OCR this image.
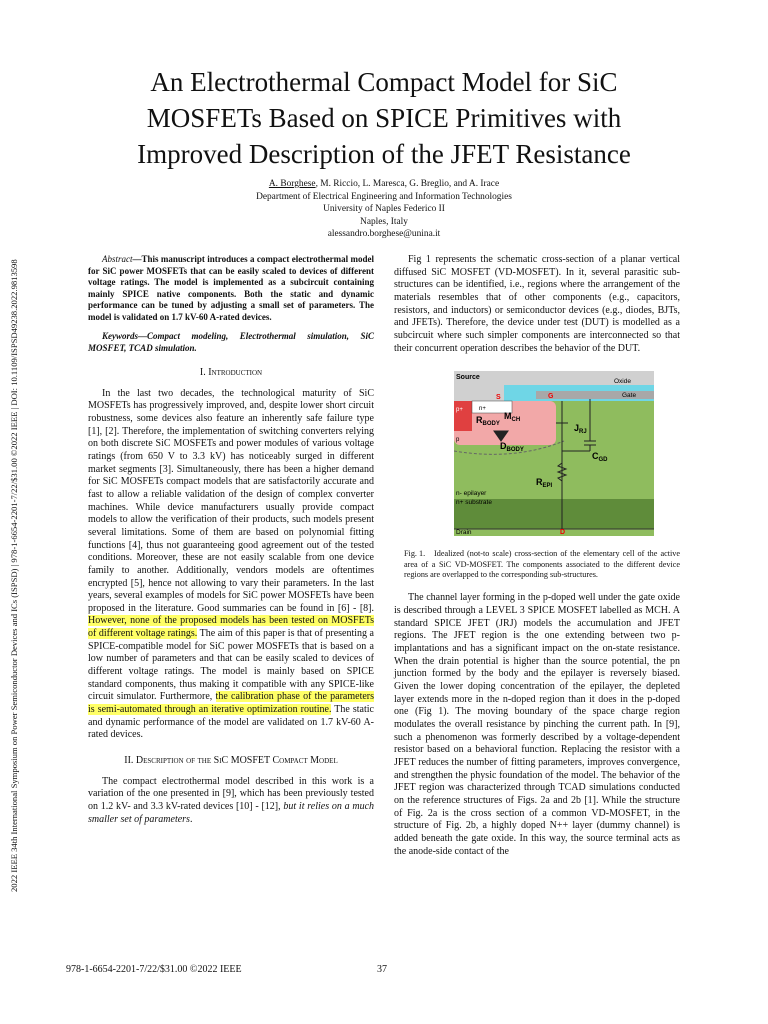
2022 IEEE 34th International Symposium on Power Semiconductor Devices and ICs (ISPSD) | 978-1-6654-2201-7/22/$31.00 ©2022 IEEE | DOI: 10.1109/ISPSD49238.2022.9813598
An Electrothermal Compact Model for SiC
MOSFETs Based on SPICE Primitives with
Improved Description of the JFET Resistance
A. Borghese, M. Riccio, L. Maresca, G. Breglio, and A. Irace
Department of Electrical Engineering and Information Technologies
University of Naples Federico II
Naples, Italy
alessandro.borghese@unina.it

Abstract—This manuscript introduces a compact electrothermal model for SiC power MOSFETs that can be easily scaled to devices of different voltage ratings. The model is implemented as a subcircuit containing mainly SPICE native components. Both the static and dynamic performance can be tuned by adjusting a small set of parameters. The model is validated on 1.7 kV-60 A-rated devices.

Keywords—Compact modeling, Electrothermal simulation, SiC MOSFET, TCAD simulation.

I. Introduction

In the last two decades, the technological maturity of SiC MOSFETs has progressively improved, and, despite lower short circuit robustness, some devices also feature an inherently safe failure type [1], [2]. Therefore, the implementation of switching converters relying on both discrete SiC MOSFETs and power modules of various voltage ratings (from 650 V to 3.3 kV) has noticeably surged in different market segments [3]. Simultaneously, there has been a higher demand for SiC MOSFETs compact models that are satisfactorily accurate and fast to allow a reliable validation of the design of complex converter machines. While device manufacturers usually provide compact models to allow the verification of their products, such models present several limitations. Some of them are based on polynomial fitting functions [4], thus not guaranteeing good agreement out of the tested conditions. Moreover, these are not easily scalable from one device family to another. Additionally, vendors models are oftentimes encrypted [5], hence not allowing to vary their parameters. In the last years, several examples of models for SiC power MOSFETs have been proposed in the literature. Good summaries can be found in [6] - [8]. However, none of the proposed models has been tested on MOSFETs of different voltage ratings. The aim of this paper is that of presenting a SPICE-compatible model for SiC power MOSFETs that is based on a low number of parameters and that can be easily scaled to devices of different voltage ratings. The model is mainly based on SPICE standard components, thus making it compatible with any SPICE-like circuit simulator. Furthermore, the calibration phase of the parameters is semi-automated through an iterative optimization routine. The static and dynamic performance of the model are validated on 1.7 kV-60 A-rated devices.

II. Description of the SiC MOSFET Compact Model

The compact electrothermal model described in this work is a variation of the one presented in [9], which has been previously tested on 1.2 kV- and 3.3 kV-rated devices [10] - [12], but it relies on a much smaller set of parameters.

Fig 1 represents the schematic cross-section of a planar vertical diffused SiC MOSFET (VD-MOSFET). In it, several parasitic sub-structures can be identified, i.e., regions where the arrangement of the materials resembles that of other components (e.g., capacitors, resistors, and inductors) or semiconductor devices (e.g., diodes, BJTs, and JFETs). Therefore, the device under test (DUT) is modelled as a subcircuit where such simpler components are interconnected so that their concurrent operation describes the behavior of the DUT.

Source
Oxide
Gate
S	G
D
n+
p
p+
$R_{BODY}$
$M_{CH}$
$D_{BODY}$
$J_{RJ}$
$C_{GD}$
$R_{EPI}$
n- epilayer
n+ substrate
Drain

Fig. 1. Idealized (not-to scale) cross-section of the elementary cell of the active area of a SiC VD-MOSFET. The components associated to the different device regions are overlapped to the corresponding sub-structures.

The channel layer forming in the p-doped well under the gate oxide is described through a LEVEL 3 SPICE MOSFET labelled as MCH. A standard SPICE JFET (JRJ) models the accumulation and JFET regions. The JFET region is the one extending between two p-implantations and has a significant impact on the on-state resistance. When the drain potential is higher than the source potential, the pn junction formed by the body and the epilayer is reversely biased. Given the lower doping concentration of the epilayer, the depleted layer extends more in the n-doped region than it does in the p-doped one (Fig 1). The moving boundary of the space charge region modulates the overall resistance by pinching the current path. In [9], such a phenomenon was formerly described by a voltage-dependent resistor based on a behavioral function. Replacing the resistor with a JFET reduces the number of fitting parameters, improves convergence, and strengthen the physic foundation of the model. The behavior of the JFET region was characterized through TCAD simulations conducted on the reference structures of Figs. 2a and 2b [1]. While the structure of Fig. 2a is the cross section of a common VD-MOSFET, in the structure of Fig. 2b, a highly doped N++ layer (dummy channel) is added beneath the gate oxide. In this way, the source terminal acts as the anode-side contact of the

978-1-6654-2201-7/22/$31.00 ©2022 IEEE	37
